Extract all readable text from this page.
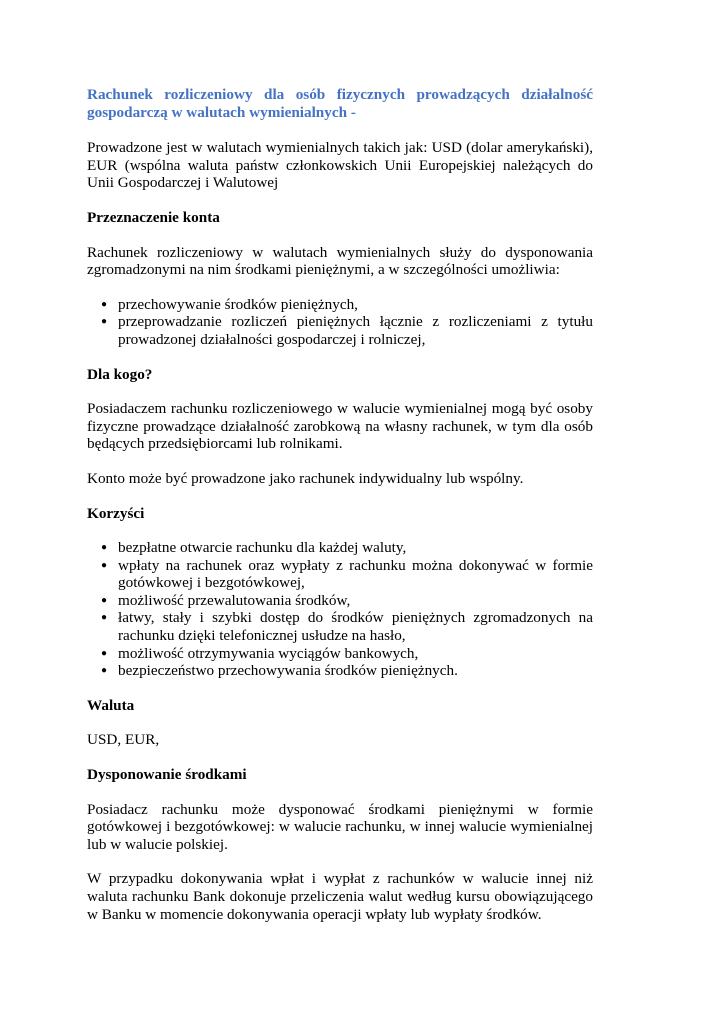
Rachunek rozliczeniowy dla osób fizycznych prowadzących działalność gospodarczą w walutach wymienialnych -
Prowadzone jest w walutach wymienialnych takich jak: USD (dolar amerykański), EUR (wspólna waluta państw członkowskich Unii Europejskiej należących do Unii Gospodarczej i Walutowej
Przeznaczenie konta
Rachunek rozliczeniowy w walutach wymienialnych służy do dysponowania zgromadzonymi na nim środkami pieniężnymi, a w szczególności umożliwia:
● przechowywanie środków pieniężnych,
● przeprowadzanie rozliczeń pieniężnych łącznie z rozliczeniami z tytułu prowadzonej działalności gospodarczej i rolniczej,
Dla kogo?
Posiadaczem rachunku rozliczeniowego w walucie wymienialnej mogą być osoby fizyczne prowadzące działalność zarobkową na własny rachunek, w tym dla osób będących przedsiębiorcami lub rolnikami.
Konto może być prowadzone jako rachunek indywidualny lub wspólny.
Korzyści
● bezpłatne otwarcie rachunku dla każdej waluty,
● wpłaty na rachunek oraz wypłaty z rachunku można dokonywać w formie gotówkowej i bezgotówkowej,
● możliwość przewalutowania środków,
● łatwy, stały i szybki dostęp do środków pieniężnych zgromadzonych na rachunku dzięki telefonicznej usłudze na hasło,
● możliwość otrzymywania wyciągów bankowych,
● bezpieczeństwo przechowywania środków pieniężnych.
Waluta
USD, EUR,
Dysponowanie środkami
Posiadacz rachunku może dysponować środkami pieniężnymi w formie gotówkowej i bezgotówkowej: w walucie rachunku, w innej walucie wymienialnej lub w walucie polskiej.
W przypadku dokonywania wpłat i wypłat z rachunków w walucie innej niż waluta rachunku Bank dokonuje przeliczenia walut według kursu obowiązującego w Banku w momencie dokonywania operacji wpłaty lub wypłaty środków.
